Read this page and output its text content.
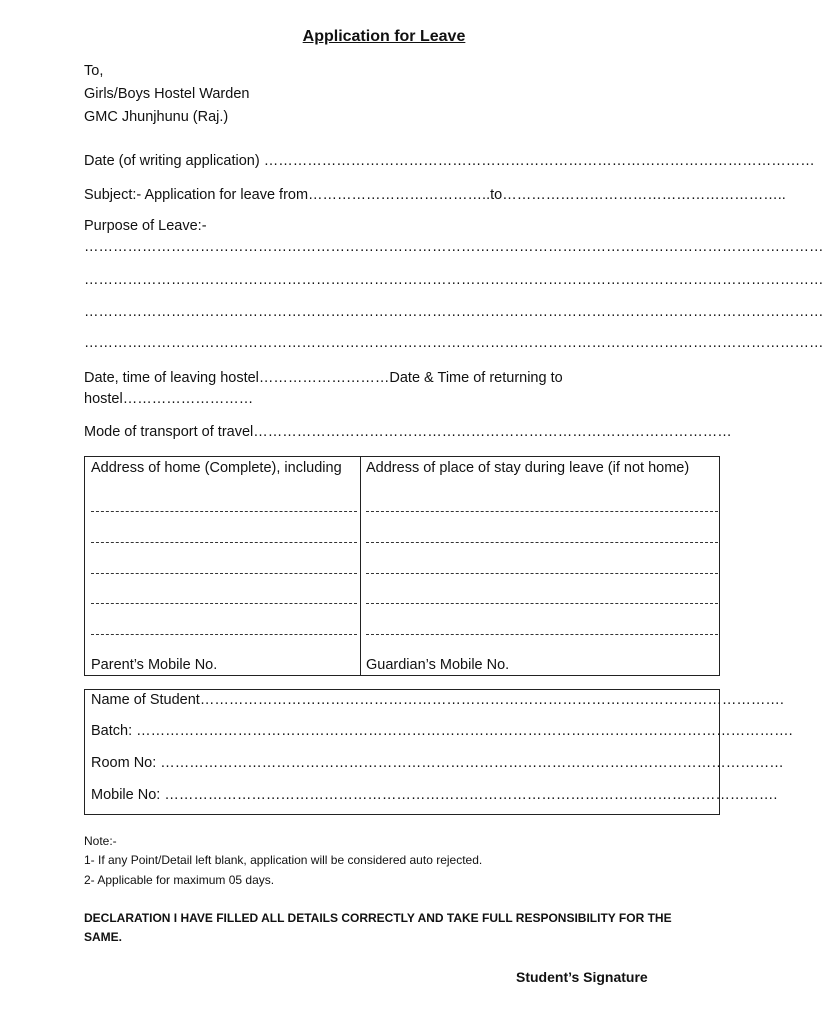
Application for Leave
To,
Girls/Boys Hostel Warden
GMC Jhunjhunu (Raj.)
Date (of writing application) ……………………………………………………………………………………………………
Subject:- Application for leave from………………………………..to…………………………………………………..
Purpose of Leave:-
………………………………………………………………………………………………………………………………………
………………………………………………………………………………………………………………………………………
………………………………………………………………………………………………………………………………………
………………………………………………………………………………………………………………………………………
Date, time of leaving hostel………………………Date & Time of returning to
hostel………………………
Mode of transport of travel………………………………………………………………………………………
Address of home (Complete), including Address of place of stay during leave (if not home)
Parent’s Mobile No.	Guardian’s Mobile No.
Name of Student………………………………………………………………………………………………………….
Batch: ……………………………………………………………………………………………………………………….
Room No: …………………………………………………………………………………………………………………
Mobile No: ……………………………………………………………………………………………………………….
Note:-
1- If any Point/Detail left blank, application will be considered auto rejected.
2- Applicable for maximum 05 days.
DECLARATION I HAVE FILLED ALL DETAILS CORRECTLY AND TAKE FULL RESPONSIBILITY FOR THE
SAME.
Student’s Signature
